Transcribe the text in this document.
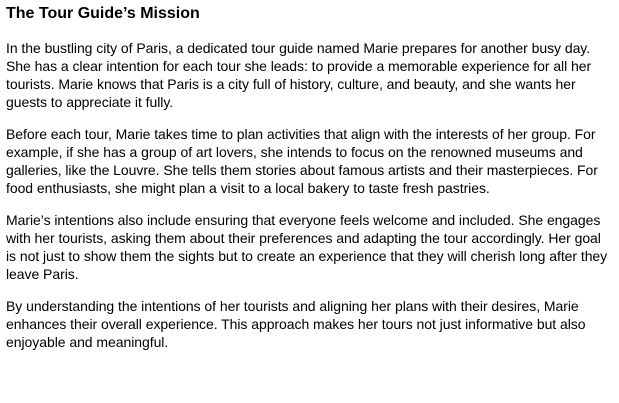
The Tour Guide’s Mission

In the bustling city of Paris, a dedicated tour guide named Marie prepares for another busy day. She has a clear intention for each tour she leads: to provide a memorable experience for all her tourists. Marie knows that Paris is a city full of history, culture, and beauty, and she wants her guests to appreciate it fully.

Before each tour, Marie takes time to plan activities that align with the interests of her group. For example, if she has a group of art lovers, she intends to focus on the renowned museums and galleries, like the Louvre. She tells them stories about famous artists and their masterpieces. For food enthusiasts, she might plan a visit to a local bakery to taste fresh pastries.

Marie’s intentions also include ensuring that everyone feels welcome and included. She engages with her tourists, asking them about their preferences and adapting the tour accordingly. Her goal is not just to show them the sights but to create an experience that they will cherish long after they leave Paris.

By understanding the intentions of her tourists and aligning her plans with their desires, Marie enhances their overall experience. This approach makes her tours not just informative but also enjoyable and meaningful.
